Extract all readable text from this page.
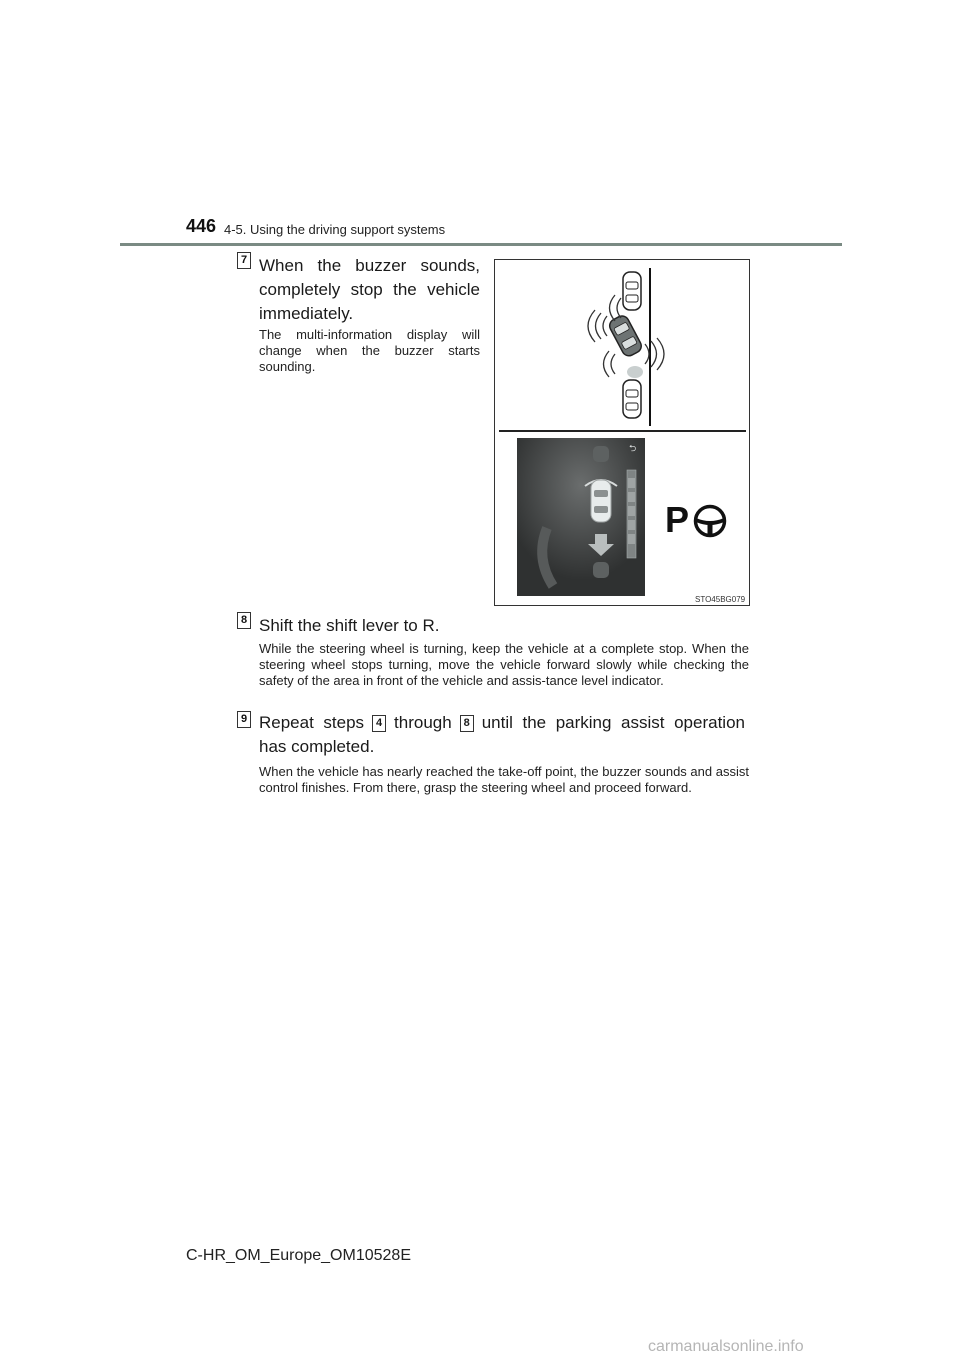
446 4-5. Using the driving support systems
7 When the buzzer sounds, completely stop the vehicle immediately.
The multi-information display will change when the buzzer starts sounding.
⮌
P
STO45BG079
8 Shift the shift lever to R.
While the steering wheel is turning, keep the vehicle at a complete stop. When the steering wheel stops turning, move the vehicle forward slowly while checking the safety of the area in front of the vehicle and assis-tance level indicator.
9 Repeat steps 4 through 8 until the parking assist operation has completed.
When the vehicle has nearly reached the take-off point, the buzzer sounds and assist control finishes. From there, grasp the steering wheel and proceed forward.
C-HR_OM_Europe_OM10528E
carmanualsonline.info
